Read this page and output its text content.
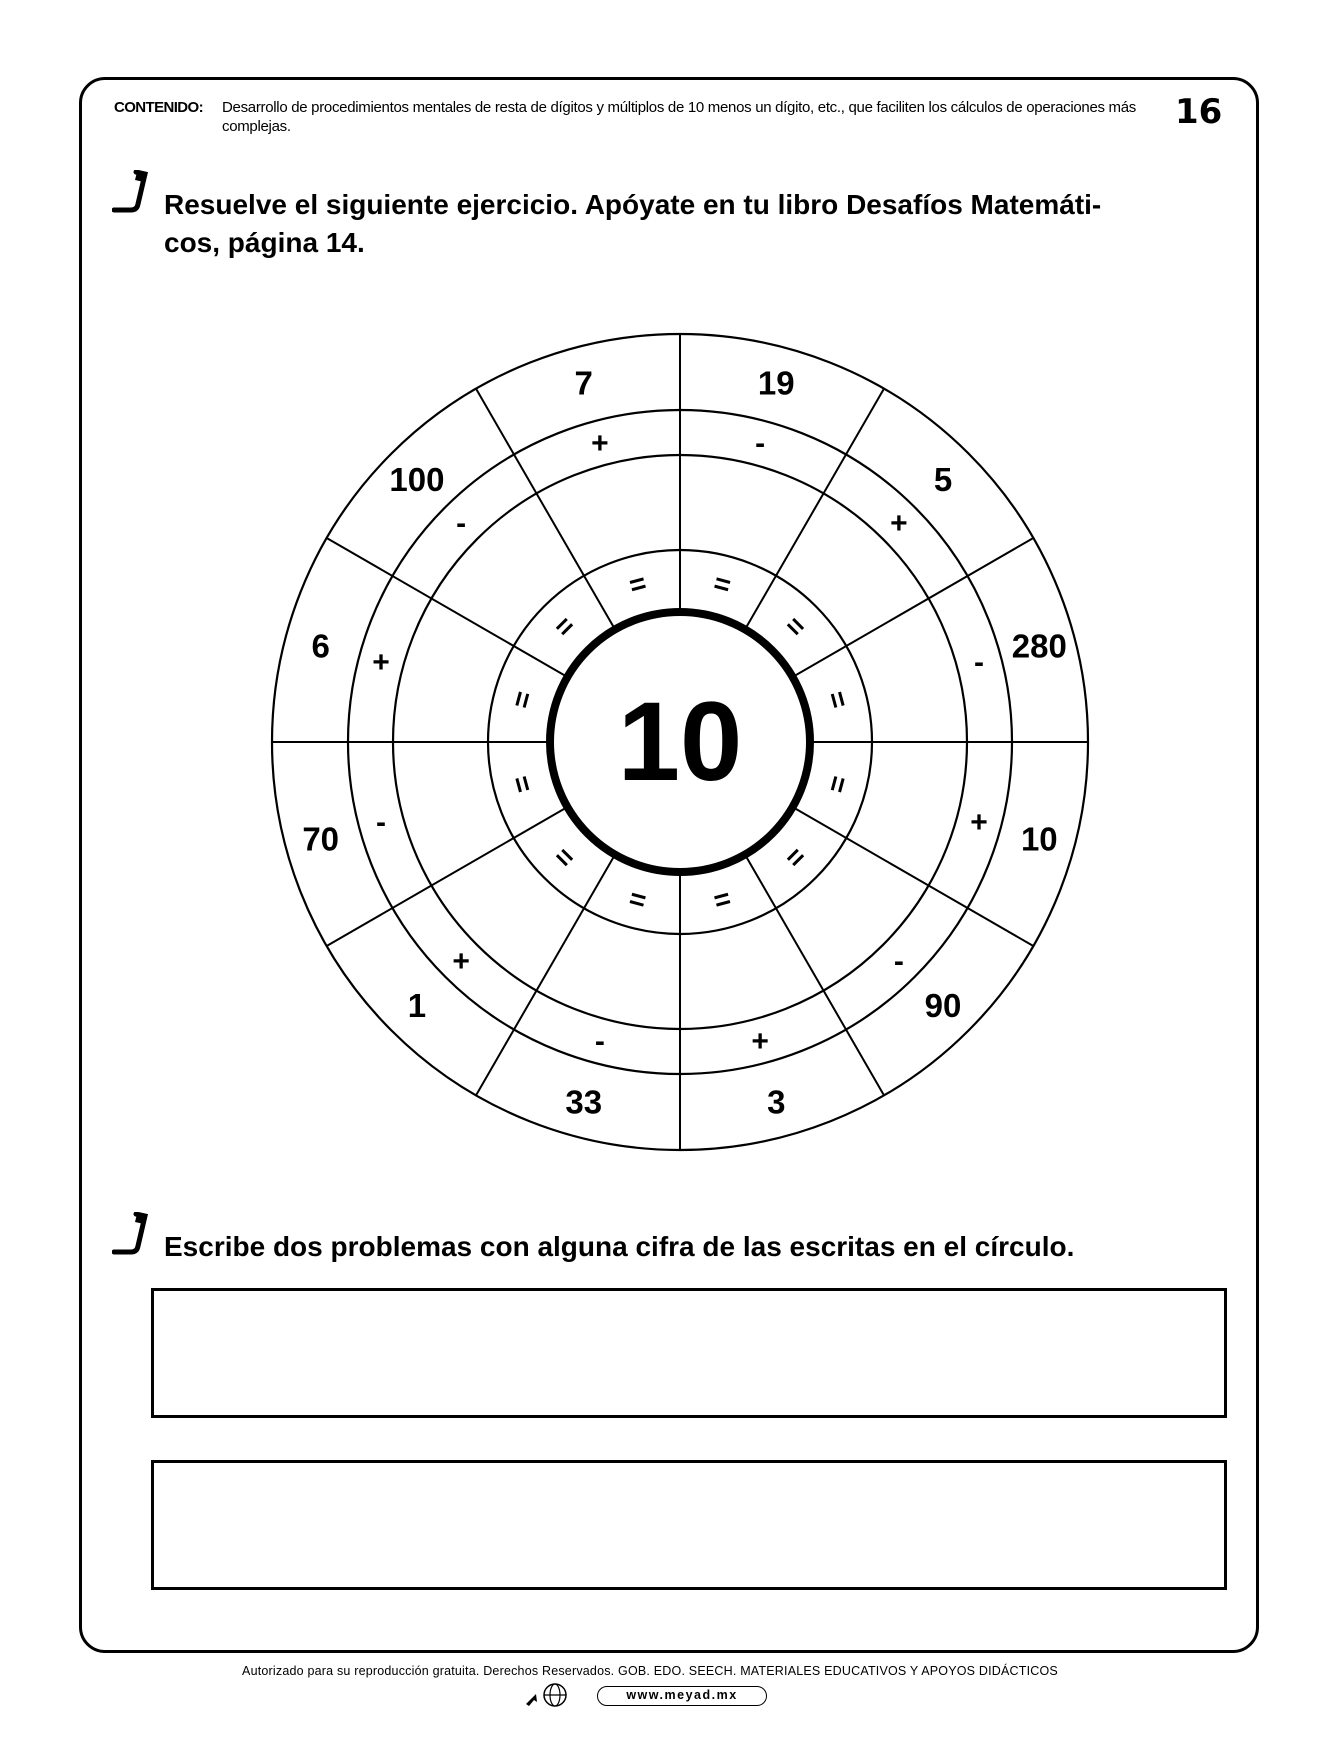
CONTENIDO: Desarrollo de procedimientos mentales de resta de dígitos y múltiplos de 10 menos un dígito, etc., que faciliten los cálculos de operaciones más complejas.	16
Resuelve el siguiente ejercicio. Apóyate en tu libro Desafíos Matemáti-
cos, página 14.
10
19
-
=
5
+
=
280
-
=
10
+
=
90
-
=
3
+
=
33
-
=
1
+
=
70 -
=
6 +
=
100
-
=
7
+
=
Escribe dos problemas con alguna cifra de las escritas en el círculo.
Autorizado para su reproducción gratuita. Derechos Reservados. GOB. EDO. SEECH. MATERIALES EDUCATIVOS Y APOYOS DIDÁCTICOS
www.meyad.mx
